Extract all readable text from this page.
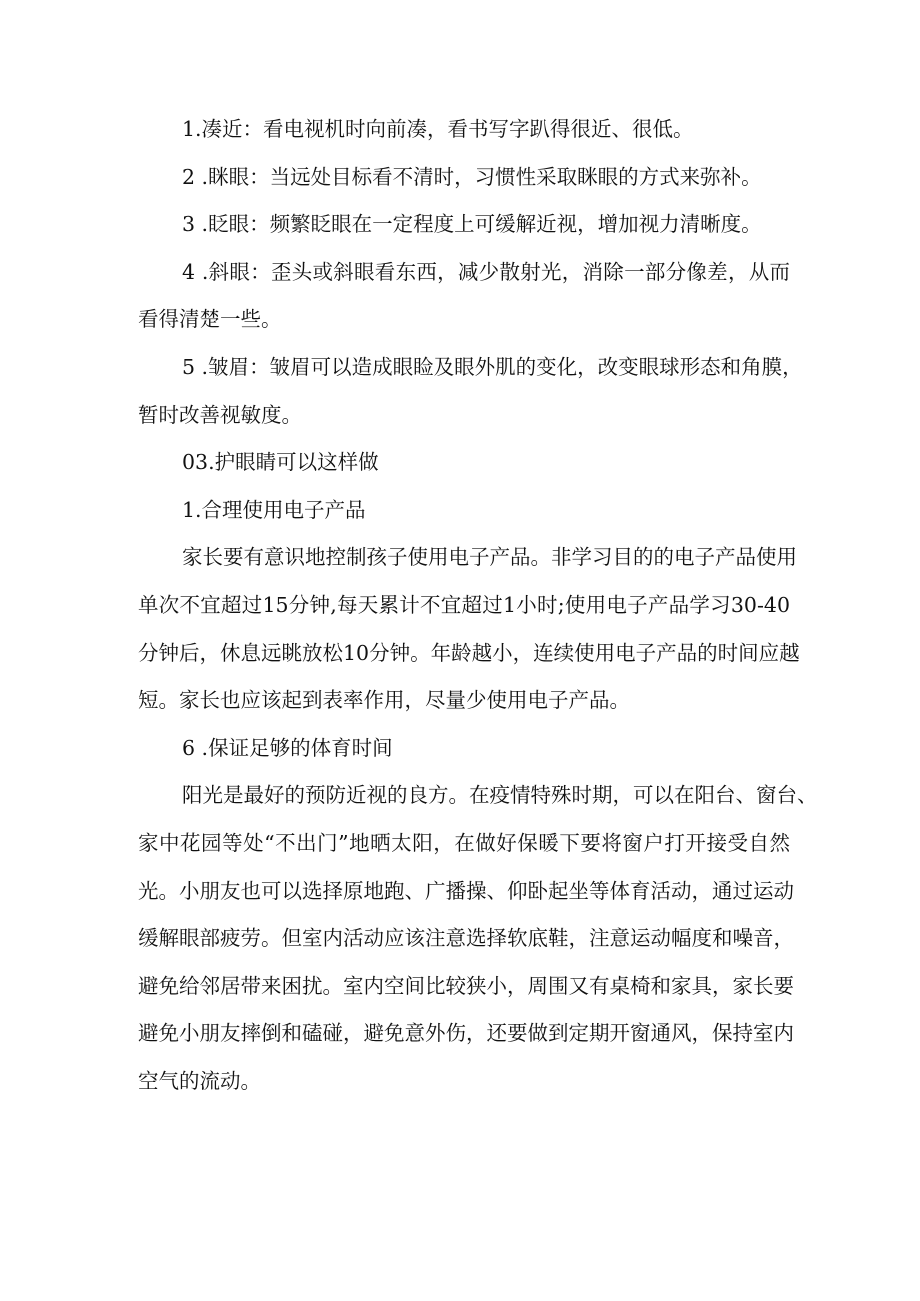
1.凑近：看电视机时向前凑，看书写字趴得很近、很低。
2 .眯眼：当远处目标看不清时，习惯性采取眯眼的方式来弥补。
3 .眨眼：频繁眨眼在一定程度上可缓解近视，增加视力清晰度。
4 .斜眼：歪头或斜眼看东西，减少散射光，消除一部分像差，从而
看得清楚一些。
5 .皱眉：皱眉可以造成眼睑及眼外肌的变化，改变眼球形态和角膜，
暂时改善视敏度。
03.护眼睛可以这样做
1.合理使用电子产品
家长要有意识地控制孩子使用电子产品。非学习目的的电子产品使用
单次不宜超过15分钟,每天累计不宜超过1小时;使用电子产品学习30-40
分钟后，休息远眺放松10分钟。年龄越小，连续使用电子产品的时间应越
短。家长也应该起到表率作用，尽量少使用电子产品。
6 .保证足够的体育时间
阳光是最好的预防近视的良方。在疫情特殊时期，可以在阳台、窗台、
家中花园等处“不出门”地晒太阳，在做好保暖下要将窗户打开接受自然
光。小朋友也可以选择原地跑、广播操、仰卧起坐等体育活动，通过运动
缓解眼部疲劳。但室内活动应该注意选择软底鞋，注意运动幅度和噪音，
避免给邻居带来困扰。室内空间比较狭小，周围又有桌椅和家具，家长要
避免小朋友摔倒和磕碰，避免意外伤，还要做到定期开窗通风，保持室内
空气的流动。
